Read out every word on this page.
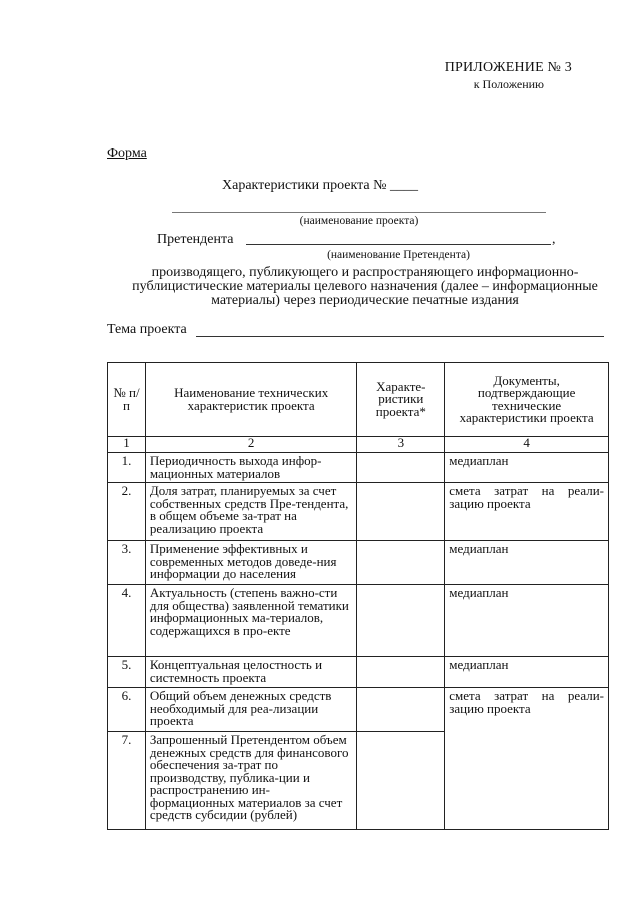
ПРИЛОЖЕНИЕ № 3
к Положению
Форма
Характеристики проекта № ____
(наименование проекта)
Претендента	,
(наименование Претендента)
производящего, публикующего и распространяющего информационно-публицистические материалы целевого назначения (далее – информационные материалы) через периодические печатные издания
Тема проекта
№ п/п	Наименование технических характеристик проекта	Характе-ристики проекта*	Документы, подтверждающие технические характеристики проекта
1	2	3	4
1.	Периодичность выхода инфор-мационных материалов		медиаплан
2.	Доля затрат, планируемых за счет собственных средств Пре-тендента, в общем объеме за-трат на реализацию проекта		смета затрат на реали-зацию проекта
3.	Применение эффективных и современных методов доведе-ния информации до населения		медиаплан
4.	Актуальность (степень важно-сти для общества) заявленной тематики информационных ма-териалов, содержащихся в про-екте		медиаплан
5.	Концептуальная целостность и системность проекта		медиаплан
6.	Общий объем денежных средств необходимый для реа-лизации проекта		смета затрат на реали-зацию проекта
7.	Запрошенный Претендентом объем денежных средств для финансового обеспечения за-трат по производству, публика-ции и распространению ин-формационных материалов за счет средств субсидии (рублей)		
